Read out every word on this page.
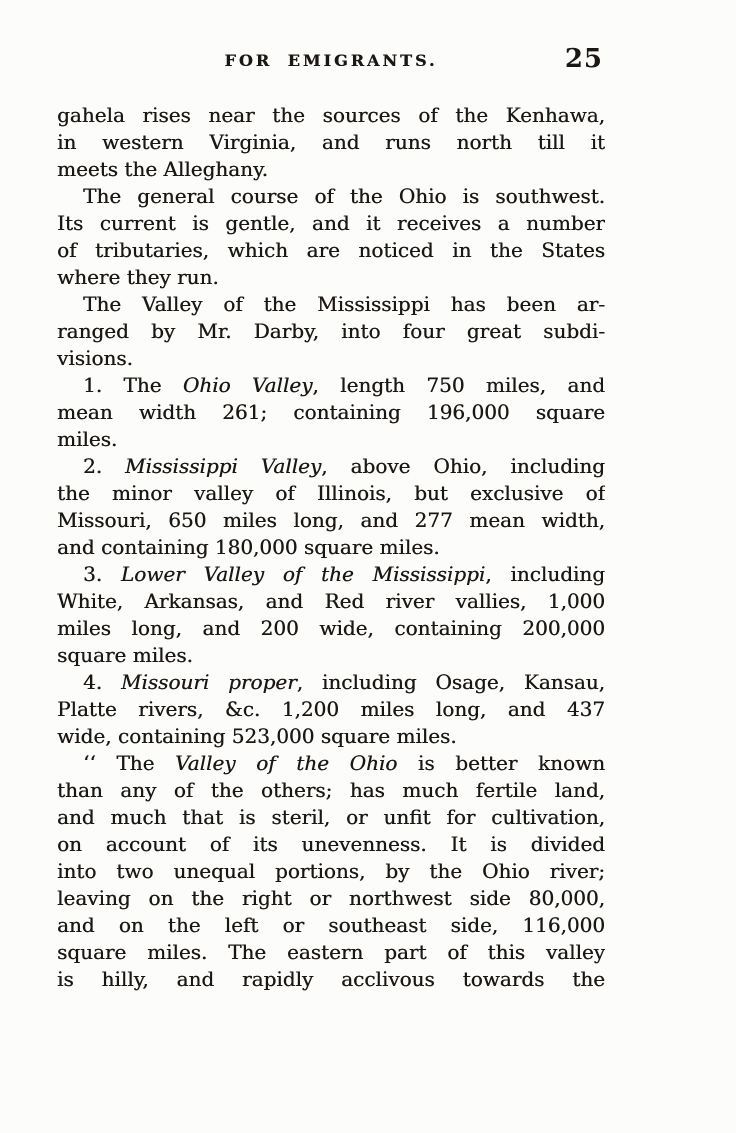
FOR EMIGRANTS.	25
gahela rises near the sources of the Kenhawa,
in western Virginia, and runs north till it
meets the Alleghany.
The general course of the Ohio is southwest.
Its current is gentle, and it receives a number
of tributaries, which are noticed in the States
where they run.
The Valley of the Mississippi has been ar-
ranged by Mr. Darby, into four great subdi-
visions.
1. The Ohio Valley, length 750 miles, and
mean width 261; containing 196,000 square
miles.
2. Mississippi Valley, above Ohio, including
the minor valley of Illinois, but exclusive of
Missouri, 650 miles long, and 277 mean width,
and containing 180,000 square miles.
3. Lower Valley of the Mississippi, including
White, Arkansas, and Red river vallies, 1,000
miles long, and 200 wide, containing 200,000
square miles.
4. Missouri proper, including Osage, Kansau,
Platte rivers, &c. 1,200 miles long, and 437
wide, containing 523,000 square miles.
‘‘ The Valley of the Ohio is better known
than any of the others; has much fertile land,
and much that is steril, or unfit for cultivation,
on account of its unevenness. It is divided
into two unequal portions, by the Ohio river;
leaving on the right or northwest side 80,000,
and on the left or southeast side, 116,000
square miles. The eastern part of this valley
is hilly, and rapidly acclivous towards the
